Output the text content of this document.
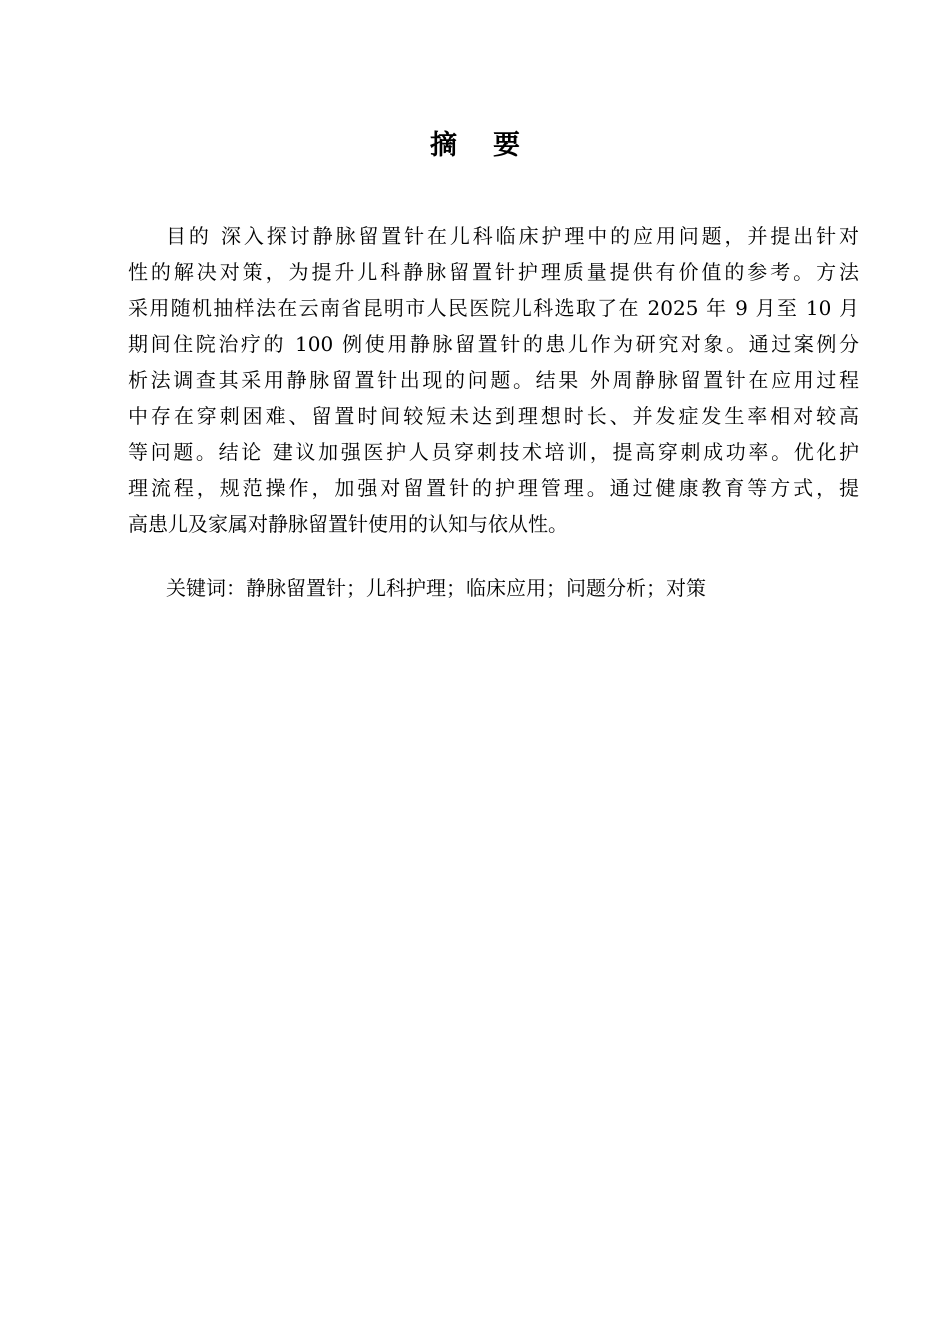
摘 要
目的 深入探讨静脉留置针在儿科临床护理中的应用问题，并提出针对
性的解决对策，为提升儿科静脉留置针护理质量提供有价值的参考。方法
采用随机抽样法在云南省昆明市人民医院儿科选取了在 2025 年 9 月至 10 月
期间住院治疗的 100 例使用静脉留置针的患儿作为研究对象。通过案例分
析法调查其采用静脉留置针出现的问题。结果 外周静脉留置针在应用过程
中存在穿刺困难、留置时间较短未达到理想时长、并发症发生率相对较高
等问题。结论 建议加强医护人员穿刺技术培训，提高穿刺成功率。优化护
理流程，规范操作，加强对留置针的护理管理。通过健康教育等方式，提
高患儿及家属对静脉留置针使用的认知与依从性。
关键词：静脉留置针；儿科护理；临床应用；问题分析；对策
